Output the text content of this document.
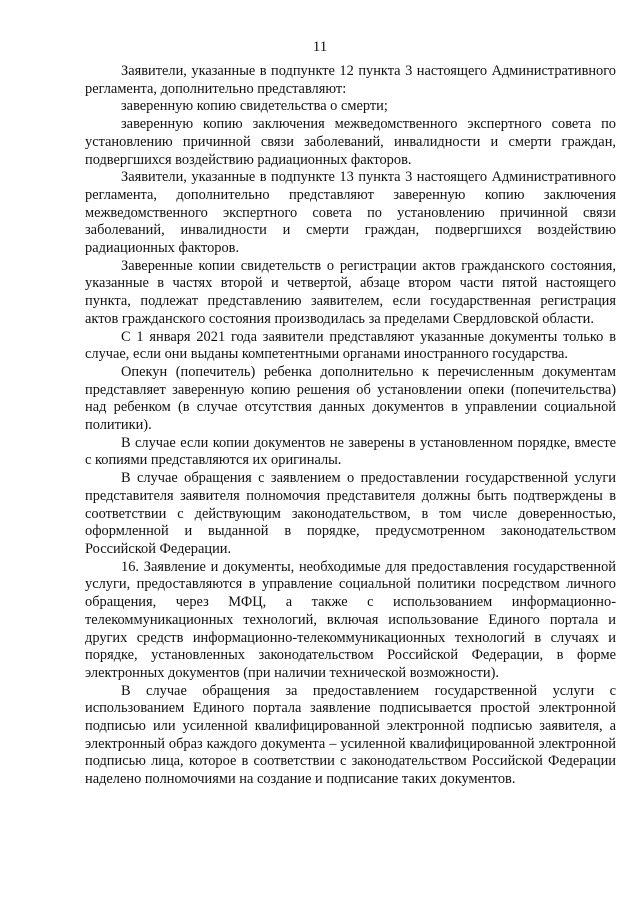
11

Заявители, указанные в подпункте 12 пункта 3 настоящего Административного регламента, дополнительно представляют:

заверенную копию свидетельства о смерти;

заверенную копию заключения межведомственного экспертного совета по установлению причинной связи заболеваний, инвалидности и смерти граждан, подвергшихся воздействию радиационных факторов.

Заявители, указанные в подпункте 13 пункта 3 настоящего Административного регламента, дополнительно представляют заверенную копию заключения межведомственного экспертного совета по установлению причинной связи заболеваний, инвалидности и смерти граждан, подвергшихся воздействию радиационных факторов.

Заверенные копии свидетельств о регистрации актов гражданского состояния, указанные в частях второй и четвертой, абзаце втором части пятой настоящего пункта, подлежат представлению заявителем, если государственная регистрация актов гражданского состояния производилась за пределами Свердловской области.

С 1 января 2021 года заявители представляют указанные документы только в случае, если они выданы компетентными органами иностранного государства.

Опекун (попечитель) ребенка дополнительно к перечисленным документам представляет заверенную копию решения об установлении опеки (попечительства) над ребенком (в случае отсутствия данных документов в управлении социальной политики).

В случае если копии документов не заверены в установленном порядке, вместе с копиями представляются их оригиналы.

В случае обращения с заявлением о предоставлении государственной услуги представителя заявителя полномочия представителя должны быть подтверждены в соответствии с действующим законодательством, в том числе доверенностью, оформленной и выданной в порядке, предусмотренном законодательством Российской Федерации.

16. Заявление и документы, необходимые для предоставления государственной услуги, предоставляются в управление социальной политики посредством личного обращения, через МФЦ, а также с использованием информационно-телекоммуникационных технологий, включая использование Единого портала и других средств информационно-телекоммуникационных технологий в случаях и порядке, установленных законодательством Российской Федерации, в форме электронных документов (при наличии технической возможности).

В случае обращения за предоставлением государственной услуги с использованием Единого портала заявление подписывается простой электронной подписью или усиленной квалифицированной электронной подписью заявителя, а электронный образ каждого документа – усиленной квалифицированной электронной подписью лица, которое в соответствии с законодательством Российской Федерации наделено полномочиями на создание и подписание таких документов.
